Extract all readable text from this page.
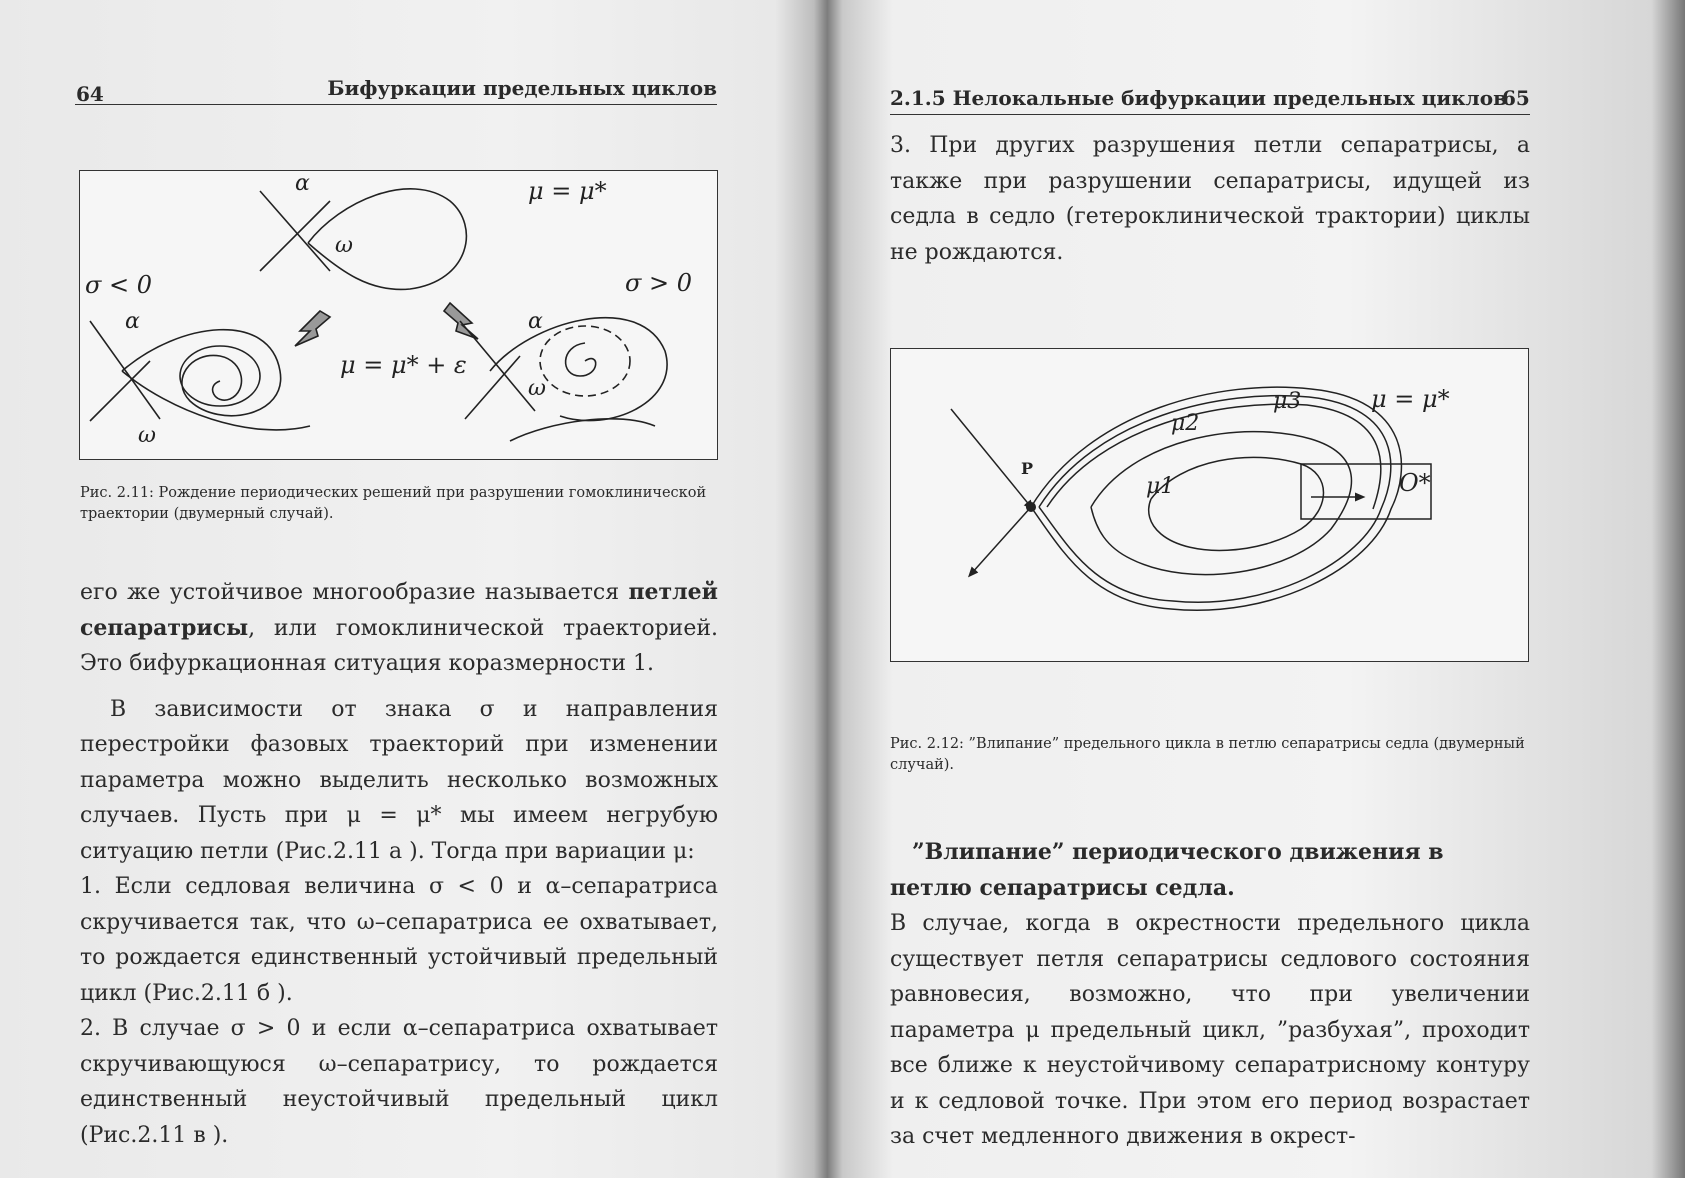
64	Бифуркации предельных циклов
α
ω
μ = μ*
σ < 0	σ > 0
α
ω
μ = μ* + ε
α
ω
Рис. 2.11: Рождение периодических решений при разрушении гомоклинической траектории (двумерный случай).

его же устойчивое многообразие называется петлей сепаратрисы, или гомоклинической траекторией. Это бифуркационная ситуация коразмерности 1.

В зависимости от знака σ и направления перестройки фазовых траекторий при изменении параметра можно выделить несколько возможных случаев. Пусть при μ = μ* мы имеем негрубую ситуацию петли (Рис.2.11 a ). Тогда при вариации μ:

1. Если седловая величина σ < 0 и α–сепаратриса скручивается так, что ω–сепаратриса ее охватывает, то рождается единственный устойчивый предельный цикл (Рис.2.11 б ).

2. В случае σ > 0 и если α–сепаратриса охватывает скручивающуюся ω–сепаратрису, то рождается единственный неустойчивый предельный цикл (Рис.2.11 в ).

2.1.5 Нелокальные бифуркации предельных циклов
65
3. При других разрушения петли сепаратрисы, а также при разрушении сепаратрисы, идущей из седла в седло (гетероклинической трактории) циклы не рождаются.
P
μ1
μ2
μ3	μ = μ*
O*
Рис. 2.12: ”Влипание” предельного цикла в петлю сепаратрисы седла (двумерный случай).
”Влипание” периодического движения в петлю сепаратрисы седла.
В случае, когда в окрестности предельного цикла существует петля сепаратрисы седлового состояния равновесия, возможно, что при увеличении параметра μ предельный цикл, ”разбухая”, проходит все ближе к неустойчивому сепаратрисному контуру и к седловой точке. При этом его период возрастает за счет медленного движения в окрест-
